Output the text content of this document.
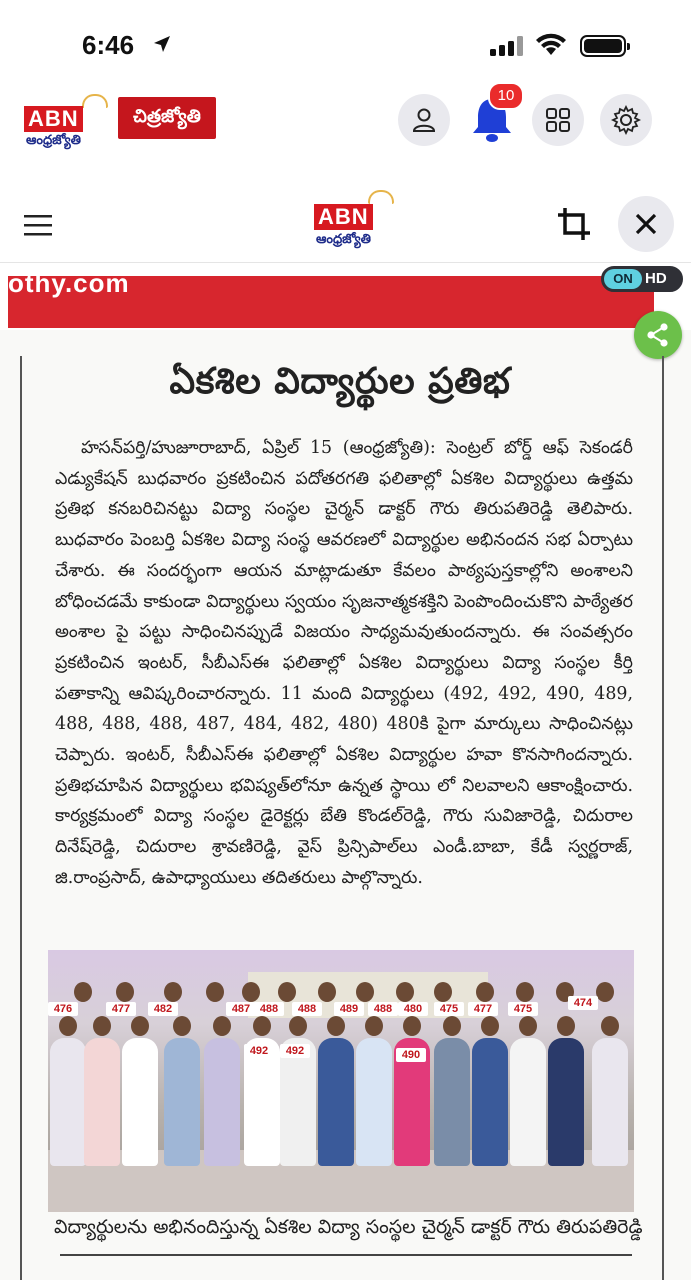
6:46
ABN
ఆంధ్రజ్యోతి
చిత్రజ్యోతి
10
ABN
ఆంధ్రజ్యోతి
othy.com	ON HD
ఏకశిల విద్యార్థుల ప్రతిభ

హసన్‌పర్తి/హుజూరాబాద్, ఏప్రిల్ 15 (ఆంధ్రజ్యోతి): సెంట్రల్ బోర్డ్ ఆఫ్ సెకండరీ ఎడ్యుకేషన్ బుధవారం ప్రకటించిన పదోతరగతి ఫలితాల్లో ఏకశిల విద్యార్థులు ఉత్తమ ప్రతిభ కనబరిచినట్టు విద్యా సంస్థల చైర్మన్ డాక్టర్ గౌరు తిరుపతిరెడ్డి తెలిపారు. బుధవారం పెంబర్తి ఏకశిల విద్యా సంస్థ ఆవరణలో విద్యార్థుల అభినందన సభ ఏర్పాటు చేశారు. ఈ సందర్భంగా ఆయన మాట్లాడుతూ కేవలం పాఠ్యపుస్తకాల్లోని అంశాలని బోధించడమే కాకుండా విద్యార్థులు స్వయం సృజనాత్మకశక్తిని పెంపొందించుకొని పాఠ్యేతర అంశాల పై పట్టు సాధించినప్పుడే విజయం సాధ్యమవుతుందన్నారు. ఈ సంవత్సరం ప్రకటించిన ఇంటర్, సీబీఎస్ఈ ఫలితాల్లో ఏకశిల విద్యార్థులు విద్యా సంస్థల కీర్తి పతాకాన్ని ఆవిష్కరించారన్నారు. 11 మంది విద్యార్థులు (492, 492, 490, 489, 488, 488, 488, 487, 484, 482, 480) 480కి పైగా మార్కులు సాధించినట్లు చెప్పారు. ఇంటర్, సీబీఎస్ఈ ఫలితాల్లో ఏకశిల విద్యార్థుల హవా కొనసాగిందన్నారు. ప్రతిభచూపిన విద్యార్థులు భవిష్యత్‌లోనూ ఉన్నత స్థాయి లో నిలవాలని ఆకాంక్షించారు. కార్యక్రమంలో విద్యా సంస్థల డైరెక్టర్లు బేతి కొండల్‌రెడ్డి, గౌరు సువిజారెడ్డి, చిదురాల దినేష్‌రెడ్డి, చిదురాల శ్రావణిరెడ్డి, వైస్ ప్రిన్సిపాల్‌లు ఎండీ.బాబా, కేడీ స్వర్ణరాజ్, జి.రాంప్రసాద్, ఉపాధ్యాయులు తదితరులు పాల్గొన్నారు.

476	477	482	487 488	488	489	488	480	475	477	475	474
492	492	490
విద్యార్థులను అభినందిస్తున్న ఏకశిల విద్యా సంస్థల చైర్మన్ డాక్టర్ గౌరు తిరుపతిరెడ్డి
